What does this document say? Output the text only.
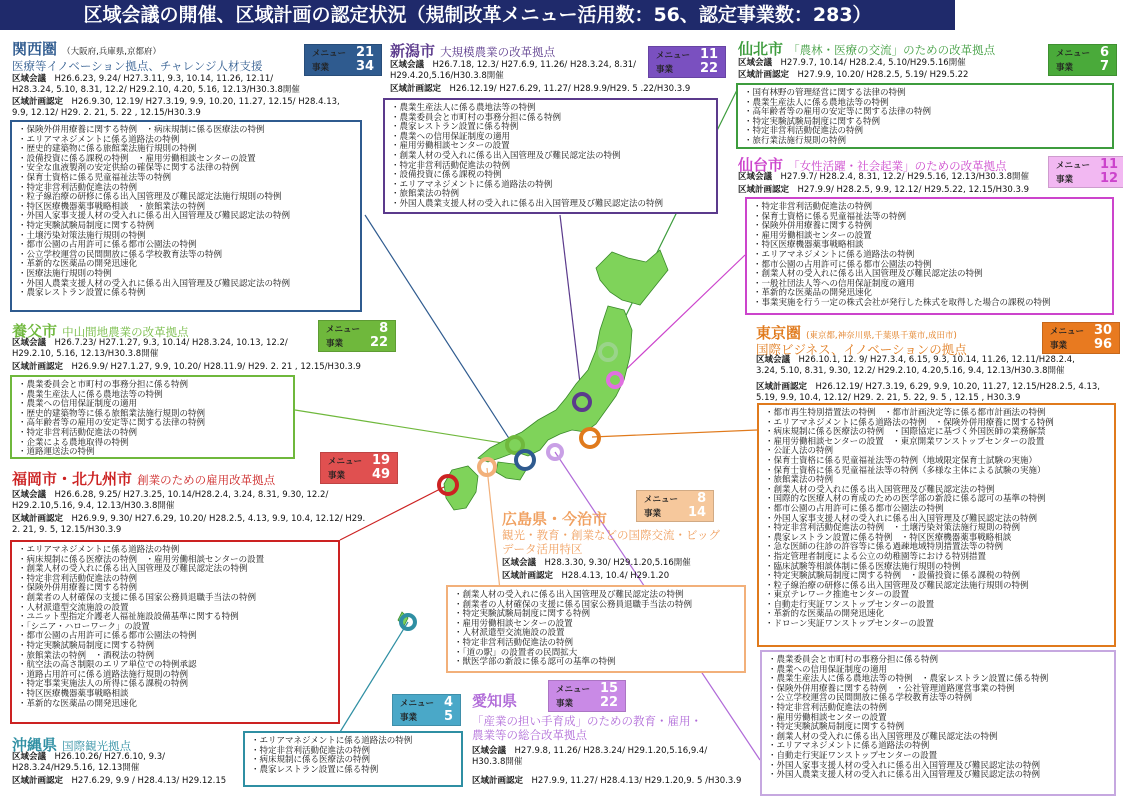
区域会議の開催、区域計画の認定状況（規制改革メニュー活用数：56、認定事業数：283）
関西圏 （大阪府,兵庫県,京都府）
医療等イノベーション拠点、チャレンジ人材支援
メニュー 21
事業	34
区域会議　 H26.6.23, 9.24/ H27.3.11, 9.3, 10.14, 11.26, 12.11/ H28.3.24, 5.10, 8.31, 12.2/ H29.2.10, 4.20, 5.16, 12.13/H30.3.8開催
区域計画認定　 H26.9.30, 12.19/ H27.3.19, 9.9, 10.20, 11.27, 12.15/ H28.4.13, 9.9, 12.12/ H29. 2. 21, 5. 22 , 12.15/H30.3.9
・ 保険外併用療養に関する特例　・病床規制に係る医療法の特例
・ エリアマネジメントに係る道路法の特例
・ 歴史的建築物に係る旅館業法施行規則の特例
・ 設備投資に係る課税の特例　・雇用労働相談センターの設置
・ 安全な血液製剤の安定供給の確保等に関する法律の特例
・ 保育士資格に係る児童福祉法等の特例
・ 特定非営利活動促進法の特例
・ 粒子線治療の研修に係る出入国管理及び難民認定法施行規則の特例
・ 特区医療機器薬事戦略相談　・旅館業法の特例
・ 外国人家事支援人材の受入れに係る出入国管理及び難民認定法の特例
・ 特定実験試験局制度に関する特例
・ 土壌汚染対策法施行規則の特例
・ 都市公園の占用許可に係る都市公園法の特例
・ 公立学校運営の民間開放に係る学校教育法等の特例
・ 革新的な医薬品の開発迅速化
・ 医療法施行規則の特例
・ 外国人農業支援人材の受入れに係る出入国管理及び難民認定法の特例
・ 農家レストラン設置に係る特例
新潟市 大規模農業の改革拠点	メニュー 11
事業	22
区域会議　 H26.7.18, 12.3/ H27.6.9, 11.26/ H28.3.24, 8.31/ H29.4.20,5.16/H30.3.8開催
区域計画認定　 H26.12.19/ H27.6.29, 11.27/ H28.9.9/H29. 5 .22/H30.3.9
・ 農業生産法人に係る農地法等の特例
・ 農業委員会と市町村の事務分担に係る特例
・ 農家レストラン設置に係る特例
・ 農業への信用保証制度の適用
・ 雇用労働相談センターの設置
・ 創業人材の受入れに係る出入国管理及び難民認定法の特例
・ 特定非営利活動促進法の特例
・ 設備投資に係る課税の特例
・ エリアマネジメントに係る道路法の特例
・ 旅館業法の特例
・ 外国人農業支援人材の受入れに係る出入国管理及び難民認定法の特例
仙北市 「農林・医療の交流」のための改革拠点	メニュー 6
事業	7
区域会議　 H27.9.7, 10.14/ H28.2.4, 5.10/H29.5.16開催
区域計画認定　 H27.9.9, 10.20/ H28.2.5, 5.19/ H29.5.22
・ 国有林野の管理経営に関する法律の特例
・ 農業生産法人に係る農地法等の特例
・ 高年齢者等の雇用の安定等に関する法律の特例
・ 特定実験試験局制度に関する特例
・ 特定非営利活動促進法の特例
・ 旅行業法施行規則の特例
仙台市 「女性活躍・社会起業」のための改革拠点	メニュー 11
事業	12
区域会議　 H27.9.7/ H28.2.4, 8.31, 12.2/ H29.5.16, 12.13/H30.3.8開催
区域計画認定　 H27.9.9/ H28.2.5, 9.9, 12.12/ H29.5.22, 12.15/H30.3.9
・ 特定非営利活動促進法の特例
・ 保育士資格に係る児童福祉法等の特例
・ 保険外併用療養に関する特例
・ 雇用労働相談センターの設置
・ 特区医療機器薬事戦略相談
・ エリアマネジメントに係る道路法の特例
・ 都市公園の占用許可に係る都市公園法の特例
・ 創業人材の受入れに係る出入国管理及び難民認定法の特例
・ 一般社団法人等への信用保証制度の適用
・ 革新的な医薬品の開発迅速化
・ 事業実施を行う一定の株式会社が発行した株式を取得した場合の課税の特例
養父市 中山間地農業の改革拠点	メニュー	8
事業	22
区域会議　 H26.7.23/ H27.1.27, 9.3, 10.14/ H28.3.24, 10.13, 12.2/ H29.2.10, 5.16, 12.13/H30.3.8開催
区域計画認定　 H26.9.9/ H27.1.27, 9.9, 10.20/ H28.11.9/ H29. 2. 21 , 12.15/H30.3.9
・ 農業委員会と市町村の事務分担に係る特例
・ 農業生産法人に係る農地法等の特例
・ 農業への信用保証制度の適用
・ 歴史的建築物等に係る旅館業法施行規則の特例
・ 高年齢者等の雇用の安定等に関する法律の特例
・ 特定非営利活動促進法の特例
・ 企業による農地取得の特例
・ 道路運送法の特例
東京圏 (東京都,神奈川県,千葉県千葉市,成田市)
国際ビジネス、イノベーションの拠点
メニュー 30
事業	96
区域会議　 H26.10.1, 12. 9/ H27.3.4, 6.15, 9.3, 10.14, 11.26, 12.11/H28.2.4, 3.24, 5.10, 8.31, 9.30, 12.2/ H29.2.10, 4.20,5.16, 9.4, 12.13/H30.3.8開催
区域計画認定　 H26.12.19/ H27.3.19, 6.29, 9.9, 10.20, 11.27, 12.15/H28.2.5, 4.13, 5.19, 9.9, 10.4, 12.12/ H29. 2. 21, 5. 22, 9. 5 , 12.15 , H30.3.9
・ 都市再生特別措置法の特例　・都市計画決定等に係る都市計画法の特例
・ エリアマネジメントに係る道路法の特例　・保険外併用療養に関する特例
・ 病床規制に係る医療法の特例　・国際協定に基づく外国医師の業務解禁
・ 雇用労働相談センターの設置　・東京開業ワンストップセンターの設置
・ 公証人法の特例
・ 保育士資格に係る児童福祉法等の特例（地域限定保育士試験の実施）
・ 保育士資格に係る児童福祉法等の特例（多様な主体による試験の実施）
・ 旅館業法の特例
・ 創業人材の受入れに係る出入国管理及び難民認定法の特例
・ 国際的な医療人材の育成のための医学部の新設に係る認可の基準の特例
・ 都市公園の占用許可に係る都市公園法の特例
・ 外国人家事支援人材の受入れに係る出入国管理及び難民認定法の特例
・ 特定非営利活動促進法の特例　・土壌汚染対策法施行規則の特例
・ 農家レストラン設置に係る特例　・特区医療機器薬事戦略相談
・ 急な医師の往診の許容等に係る過疎地域特別措置法等の特例
・ 指定管理者制度による公立の幼稚園等における特別措置
・ 臨床試験等相談体制に係る医療法施行規則の特例
・ 特定実験試験局制度に関する特例　・設備投資に係る課税の特例
・ 粒子線治療の研修に係る出入国管理及び難民認定法施行規則の特例
・ 東京テレワーク推進センターの設置
・ 自動走行実証ワンストップセンターの設置
・ 革新的な医薬品の開発迅速化
・ ドローン実証ワンストップセンターの設置
福岡市・北九州市 創業のための雇用改革拠点
メニュー 19
事業	49
区域会議　 H26.6.28, 9.25/ H27.3.25, 10.14/H28.2.4, 3.24, 8.31, 9.30, 12.2/ H29.2.10,5.16, 9.4, 12.13/H30.3.8開催
区域計画認定　 H26.9.9, 9.30/ H27.6.29, 10.20/ H28.2.5, 4.13, 9.9, 10.4, 12.12/ H29. 2. 21, 9. 5, 12.15/H30.3.9
・ エリアマネジメントに係る道路法の特例
・ 病床規制に係る医療法の特例　・雇用労働相談センターの設置
・ 創業人材の受入れに係る出入国管理及び難民認定法の特例
・ 特定非営利活動促進法の特例
・ 保険外併用療養に関する特例
・ 創業者の人材確保の支援に係る国家公務員退職手当法の特例
・ 人材派遣型交流施設の設置
・ ユニット型指定介護老人福祉施設設備基準に関する特例
・ 「シニア・ハローワーク」の設置
・ 都市公園の占用許可に係る都市公園法の特例
・ 特定実験試験局制度に関する特例
・ 旅館業法の特例　・酒税法の特例
・ 航空法の高さ制限のエリア単位での特例承認
・ 道路占用許可に係る道路法施行規則の特例
・ 特定事業実施法人の所得に係る課税の特例
・ 特区医療機器薬事戦略相談
・ 革新的な医薬品の開発迅速化
広島県・今治市
メニュー	8
事業	14
観光・教育・創業などの国際交流・ビッグデータ活用特区
区域会議　 H28.3.30, 9.30/ H29.1.20,5.16開催
区域計画認定　 H28.4.13, 10.4/ H29.1.20
・ 創業人材の受入れに係る出入国管理及び難民認定法の特例
・ 創業者の人材確保の支援に係る国家公務員退職手当法の特例
・ 特定実験試験局制度に関する特例
・ 雇用労働相談センターの設置
・ 人材派遣型交流施設の設置
・ 特定非営利活動促進法の特例
・ 「道の駅」の設置者の民間拡大
・ 獣医学部の新設に係る認可の基準の特例
愛知県
メニュー 15
事業	22
「産業の担い手育成」のための教育・雇用・農業等の総合改革拠点
区域会議　 H27.9.8, 11.26/ H28.3.24/ H29.1.20,5.16,9.4/ H30.3.8開催
区域計画認定　 H27.9.9, 11.27/ H28.4.13/ H29.1.20,9. 5 /H30.3.9
・ 農業委員会と市町村の事務分担に係る特例
・ 農業への信用保証制度の適用
・ 農業生産法人に係る農地法等の特例　・農家レストラン設置に係る特例
・ 保険外併用療養に関する特例　・公社管理道路運営事業の特例
・ 公立学校運営の民間開放に係る学校教育法等の特例
・ 特定非営利活動促進法の特例
・ 雇用労働相談センターの設置
・ 特定実験試験局制度に関する特例
・ 創業人材の受入れに係る出入国管理及び難民認定法の特例
・ エリアマネジメントに係る道路法の特例
・ 自動走行実証ワンストップセンターの設置
・ 外国人家事支援人材の受入れに係る出入国管理及び難民認定法の特例
・ 外国人農業支援人材の受入れに係る出入国管理及び難民認定法の特例
沖縄県 国際観光拠点
メニュー 4
事業	5
区域会議　 H26.10.26/ H27.6.10, 9.3/ H28.3.24/H29.5.16, 12.13開催
区域計画認定　 H27.6.29, 9.9 / H28.4.13/ H29.12.15
・ エリアマネジメントに係る道路法の特例
・ 特定非営利活動促進法の特例
・ 病床規制に係る医療法の特例
・ 農家レストラン設置に係る特例
